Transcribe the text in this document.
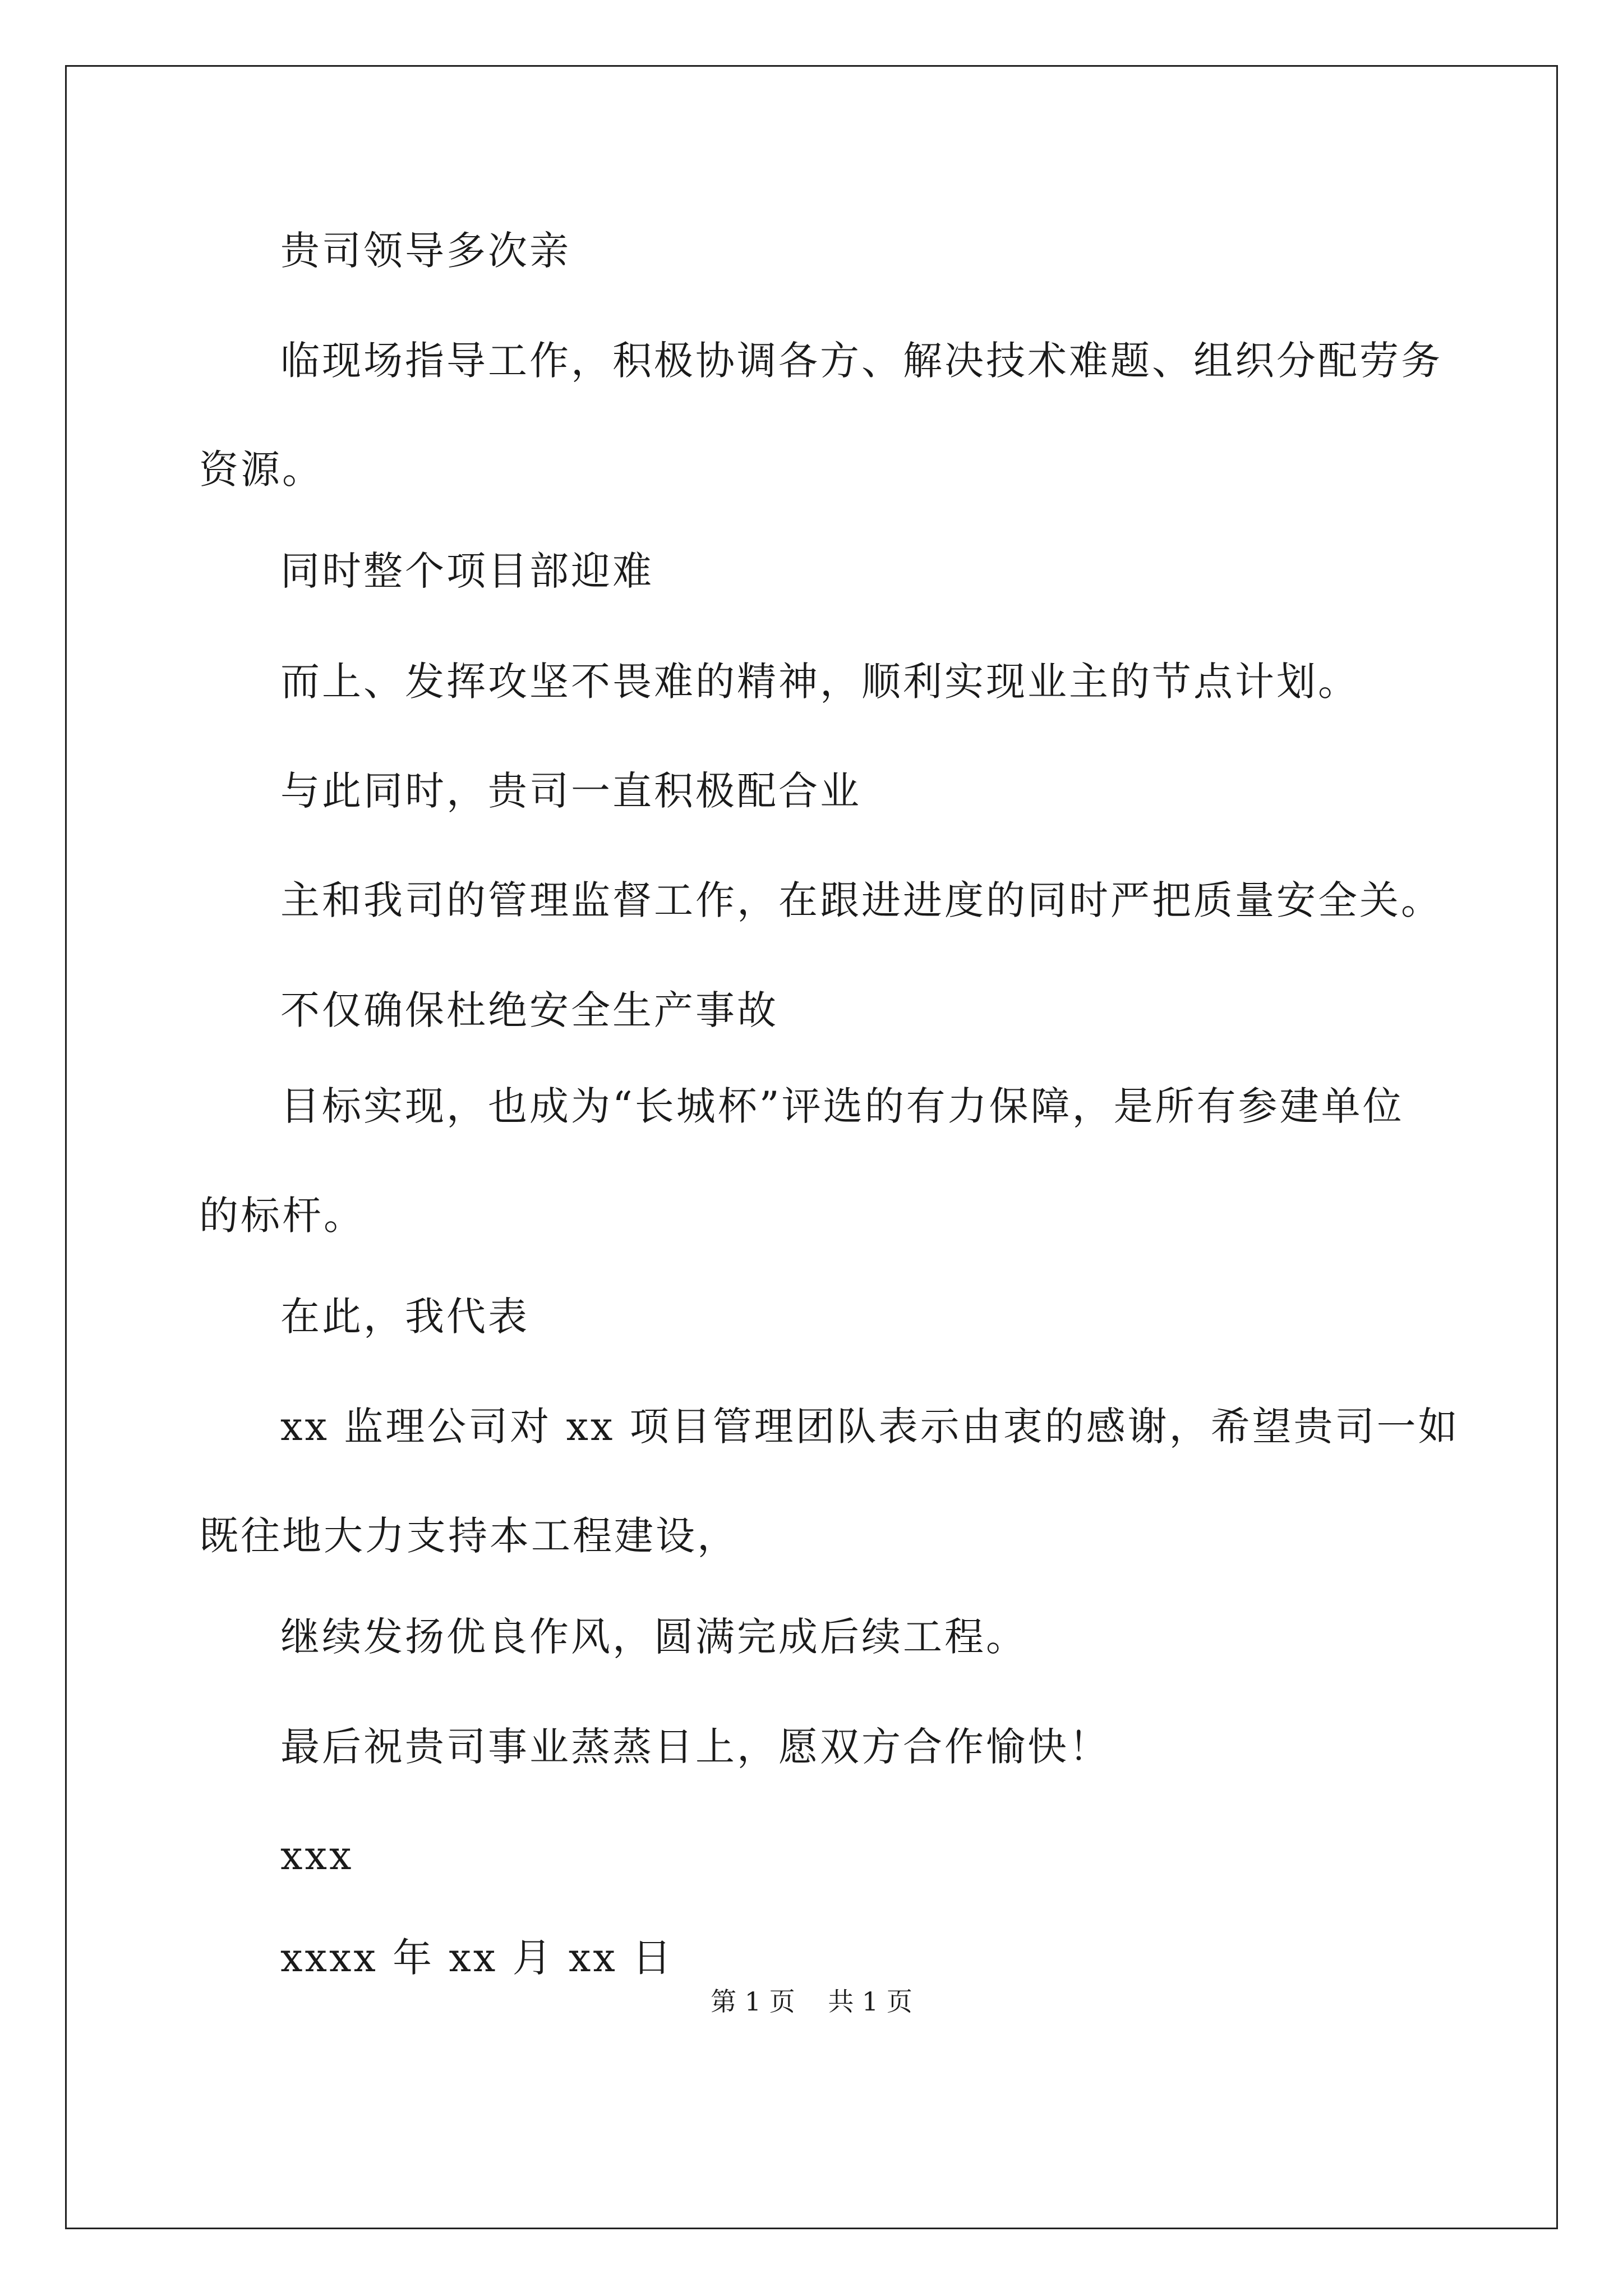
贵司领导多次亲
临现场指导工作，积极协调各方、解决技术难题、组织分配劳务
资源。
同时整个项目部迎难
而上、发挥攻坚不畏难的精神，顺利实现业主的节点计划。
与此同时，贵司一直积极配合业
主和我司的管理监督工作，在跟进进度的同时严把质量安全关。
不仅确保杜绝安全生产事故
目标实现，也成为“长城杯”评选的有力保障，是所有参建单位
的标杆。
在此，我代表
xx 监理公司对 xx 项目管理团队表示由衷的感谢，希望贵司一如
既往地大力支持本工程建设，
继续发扬优良作风，圆满完成后续工程。
最后祝贵司事业蒸蒸日上，愿双方合作愉快！
xxx
xxxx 年 xx 月 xx 日
第 1 页 共 1 页
